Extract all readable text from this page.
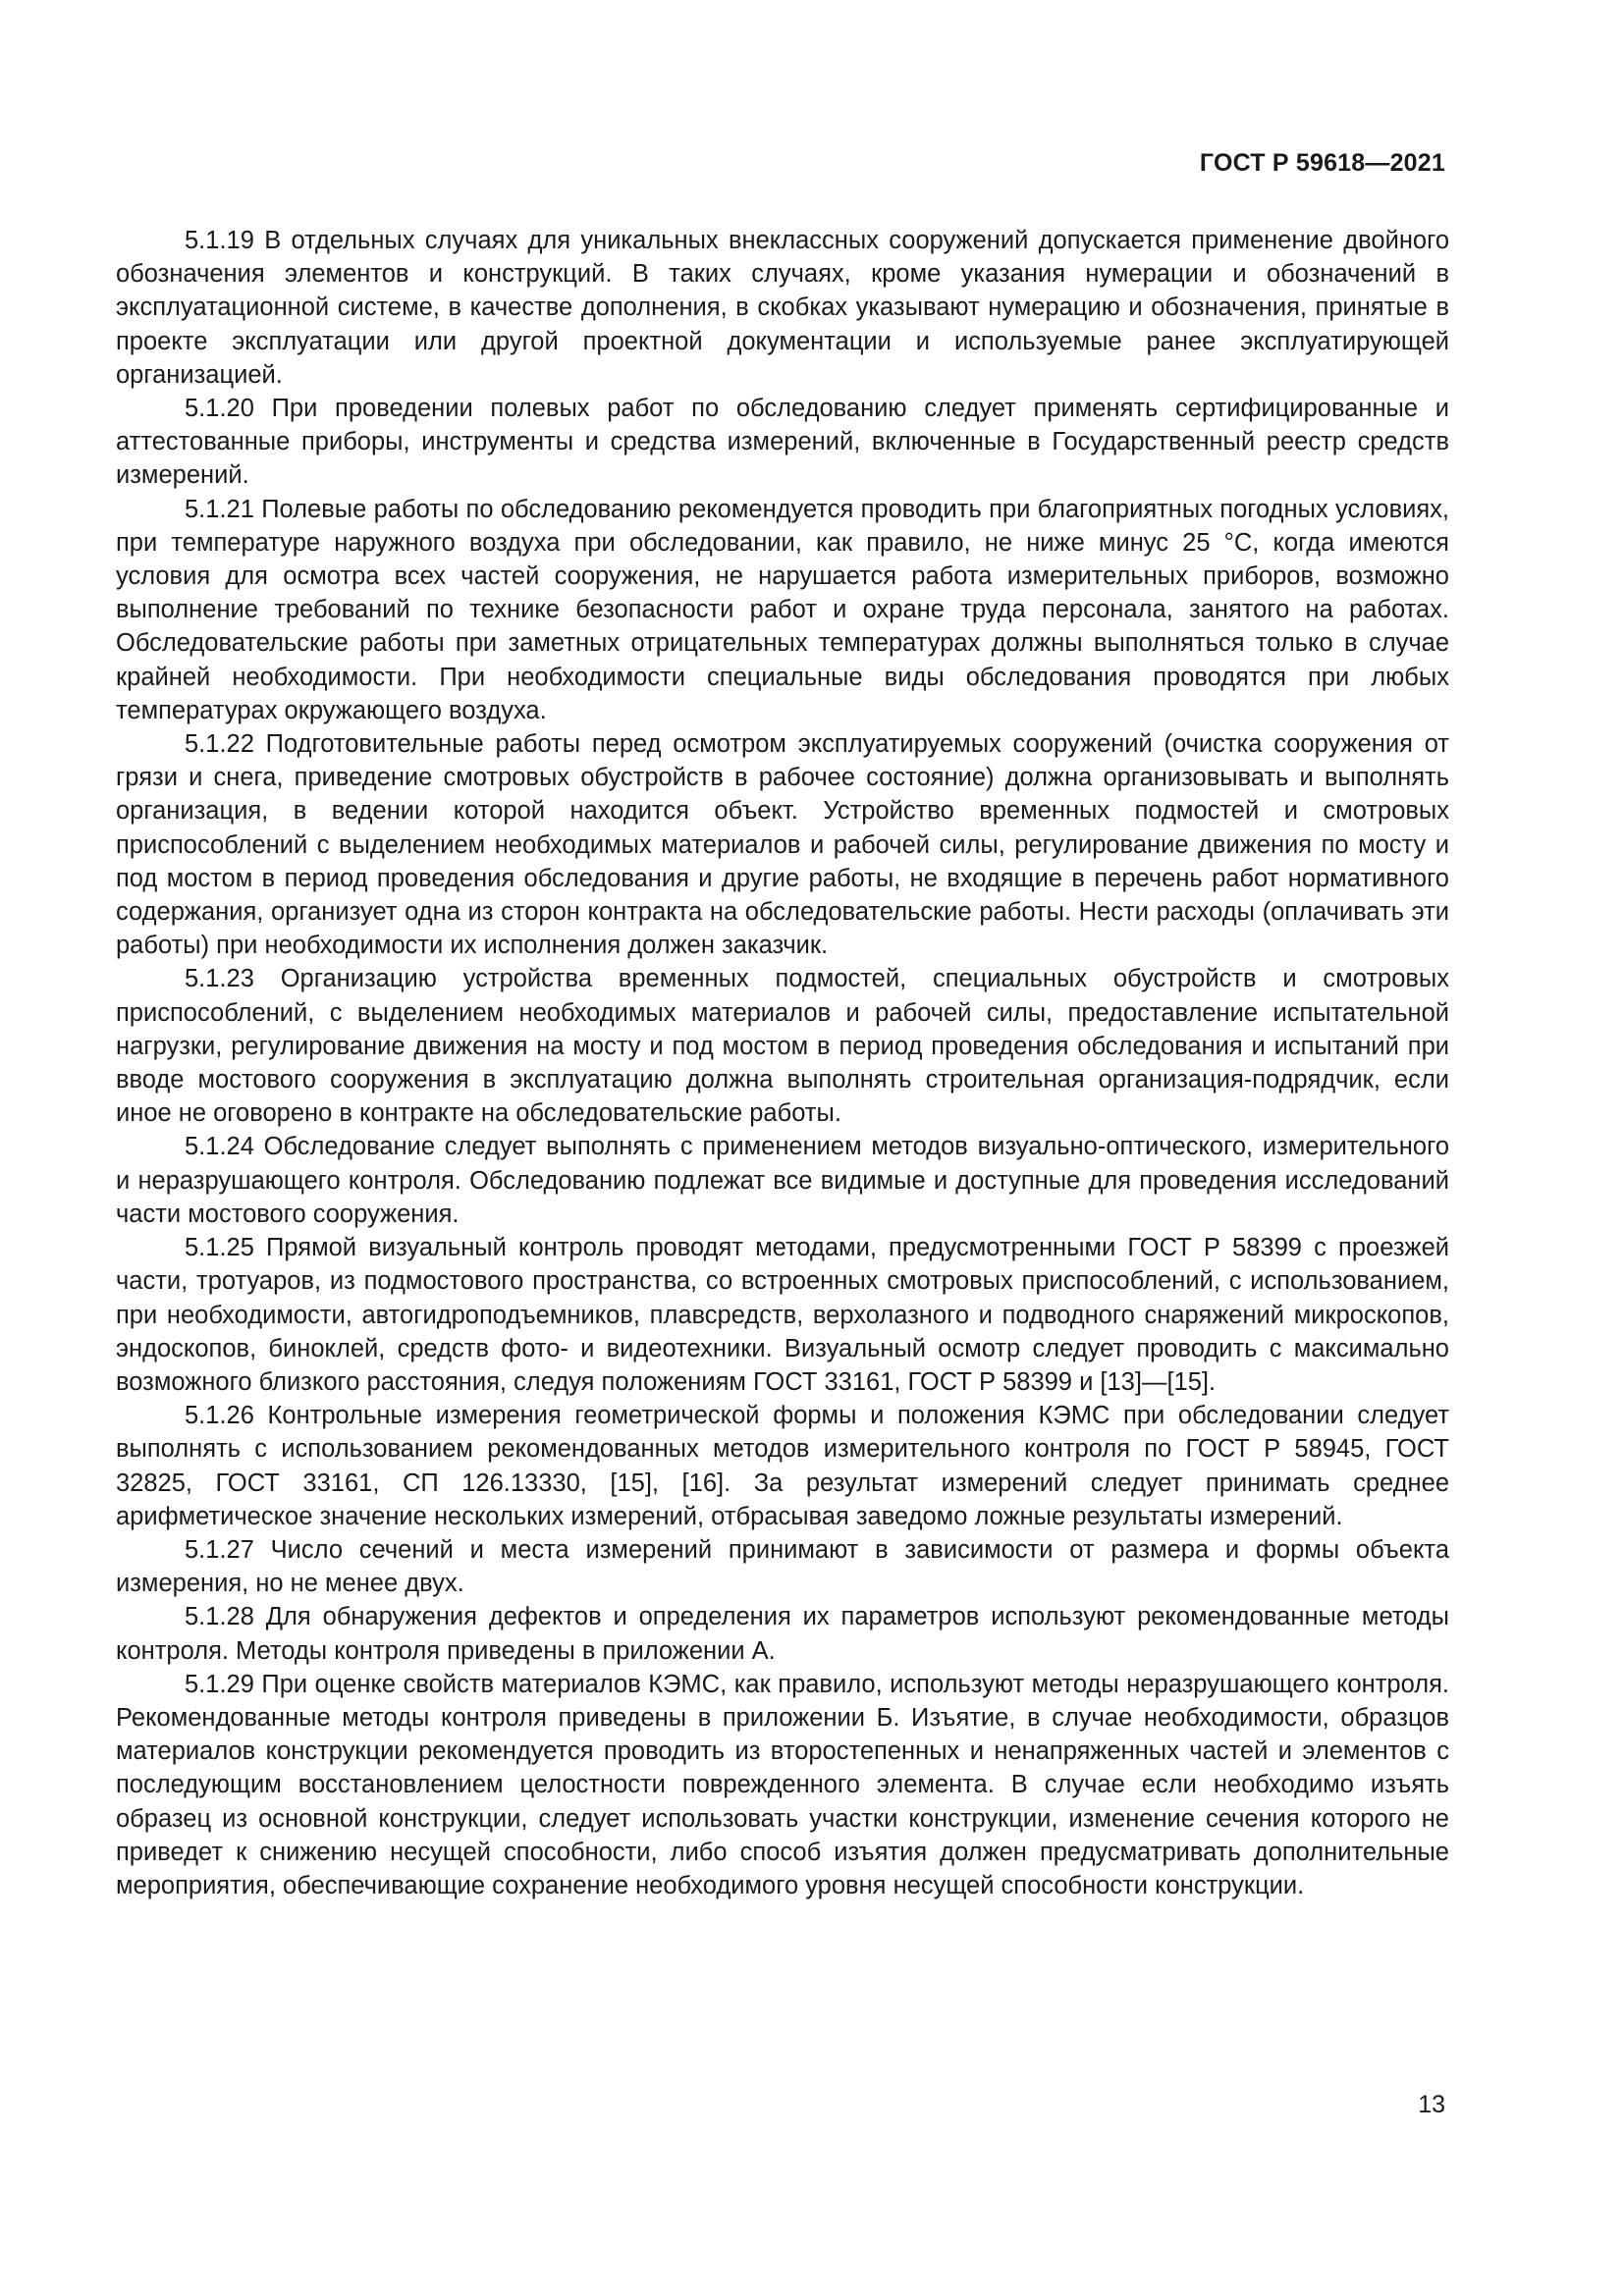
ГОСТ Р 59618—2021

5.1.19 В отдельных случаях для уникальных внеклассных сооружений допускается применение двойного обозначения элементов и конструкций. В таких случаях, кроме указания нумерации и обозначений в эксплуатационной системе, в качестве дополнения, в скобках указывают нумерацию и обозначения, принятые в проекте эксплуатации или другой проектной документации и используемые ранее эксплуатирующей организацией.

5.1.20 При проведении полевых работ по обследованию следует применять сертифицированные и аттестованные приборы, инструменты и средства измерений, включенные в Государственный реестр средств измерений.

5.1.21 Полевые работы по обследованию рекомендуется проводить при благоприятных погодных условиях, при температуре наружного воздуха при обследовании, как правило, не ниже минус 25 °С, когда имеются условия для осмотра всех частей сооружения, не нарушается работа измерительных приборов, возможно выполнение требований по технике безопасности работ и охране труда персонала, занятого на работах. Обследовательские работы при заметных отрицательных температурах должны выполняться только в случае крайней необходимости. При необходимости специальные виды обследования проводятся при любых температурах окружающего воздуха.

5.1.22 Подготовительные работы перед осмотром эксплуатируемых сооружений (очистка сооружения от грязи и снега, приведение смотровых обустройств в рабочее состояние) должна организовывать и выполнять организация, в ведении которой находится объект. Устройство временных подмостей и смотровых приспособлений с выделением необходимых материалов и рабочей силы, регулирование движения по мосту и под мостом в период проведения обследования и другие работы, не входящие в перечень работ нормативного содержания, организует одна из сторон контракта на обследовательские работы. Нести расходы (оплачивать эти работы) при необходимости их исполнения должен заказчик.

5.1.23 Организацию устройства временных подмостей, специальных обустройств и смотровых приспособлений, с выделением необходимых материалов и рабочей силы, предоставление испытательной нагрузки, регулирование движения на мосту и под мостом в период проведения обследования и испытаний при вводе мостового сооружения в эксплуатацию должна выполнять строительная организация-подрядчик, если иное не оговорено в контракте на обследовательские работы.

5.1.24 Обследование следует выполнять с применением методов визуально-оптического, измерительного и неразрушающего контроля. Обследованию подлежат все видимые и доступные для проведения исследований части мостового сооружения.

5.1.25 Прямой визуальный контроль проводят методами, предусмотренными ГОСТ Р 58399 с проезжей части, тротуаров, из подмостового пространства, со встроенных смотровых приспособлений, с использованием, при необходимости, автогидроподъемников, плавсредств, верхолазного и подводного снаряжений микроскопов, эндоскопов, биноклей, средств фото- и видеотехники. Визуальный осмотр следует проводить с максимально возможного близкого расстояния, следуя положениям ГОСТ 33161, ГОСТ Р 58399 и [13]—[15].

5.1.26 Контрольные измерения геометрической формы и положения КЭМС при обследовании следует выполнять с использованием рекомендованных методов измерительного контроля по ГОСТ Р 58945, ГОСТ 32825, ГОСТ 33161, СП 126.13330, [15], [16]. За результат измерений следует принимать среднее арифметическое значение нескольких измерений, отбрасывая заведомо ложные результаты измерений.

5.1.27 Число сечений и места измерений принимают в зависимости от размера и формы объекта измерения, но не менее двух.

5.1.28 Для обнаружения дефектов и определения их параметров используют рекомендованные методы контроля. Методы контроля приведены в приложении А.

5.1.29 При оценке свойств материалов КЭМС, как правило, используют методы неразрушающего контроля. Рекомендованные методы контроля приведены в приложении Б. Изъятие, в случае необходимости, образцов материалов конструкции рекомендуется проводить из второстепенных и ненапряженных частей и элементов с последующим восстановлением целостности поврежденного элемента. В случае если необходимо изъять образец из основной конструкции, следует использовать участки конструкции, изменение сечения которого не приведет к снижению несущей способности, либо способ изъятия должен предусматривать дополнительные мероприятия, обеспечивающие сохранение необходимого уровня несущей способности конструкции.

13
